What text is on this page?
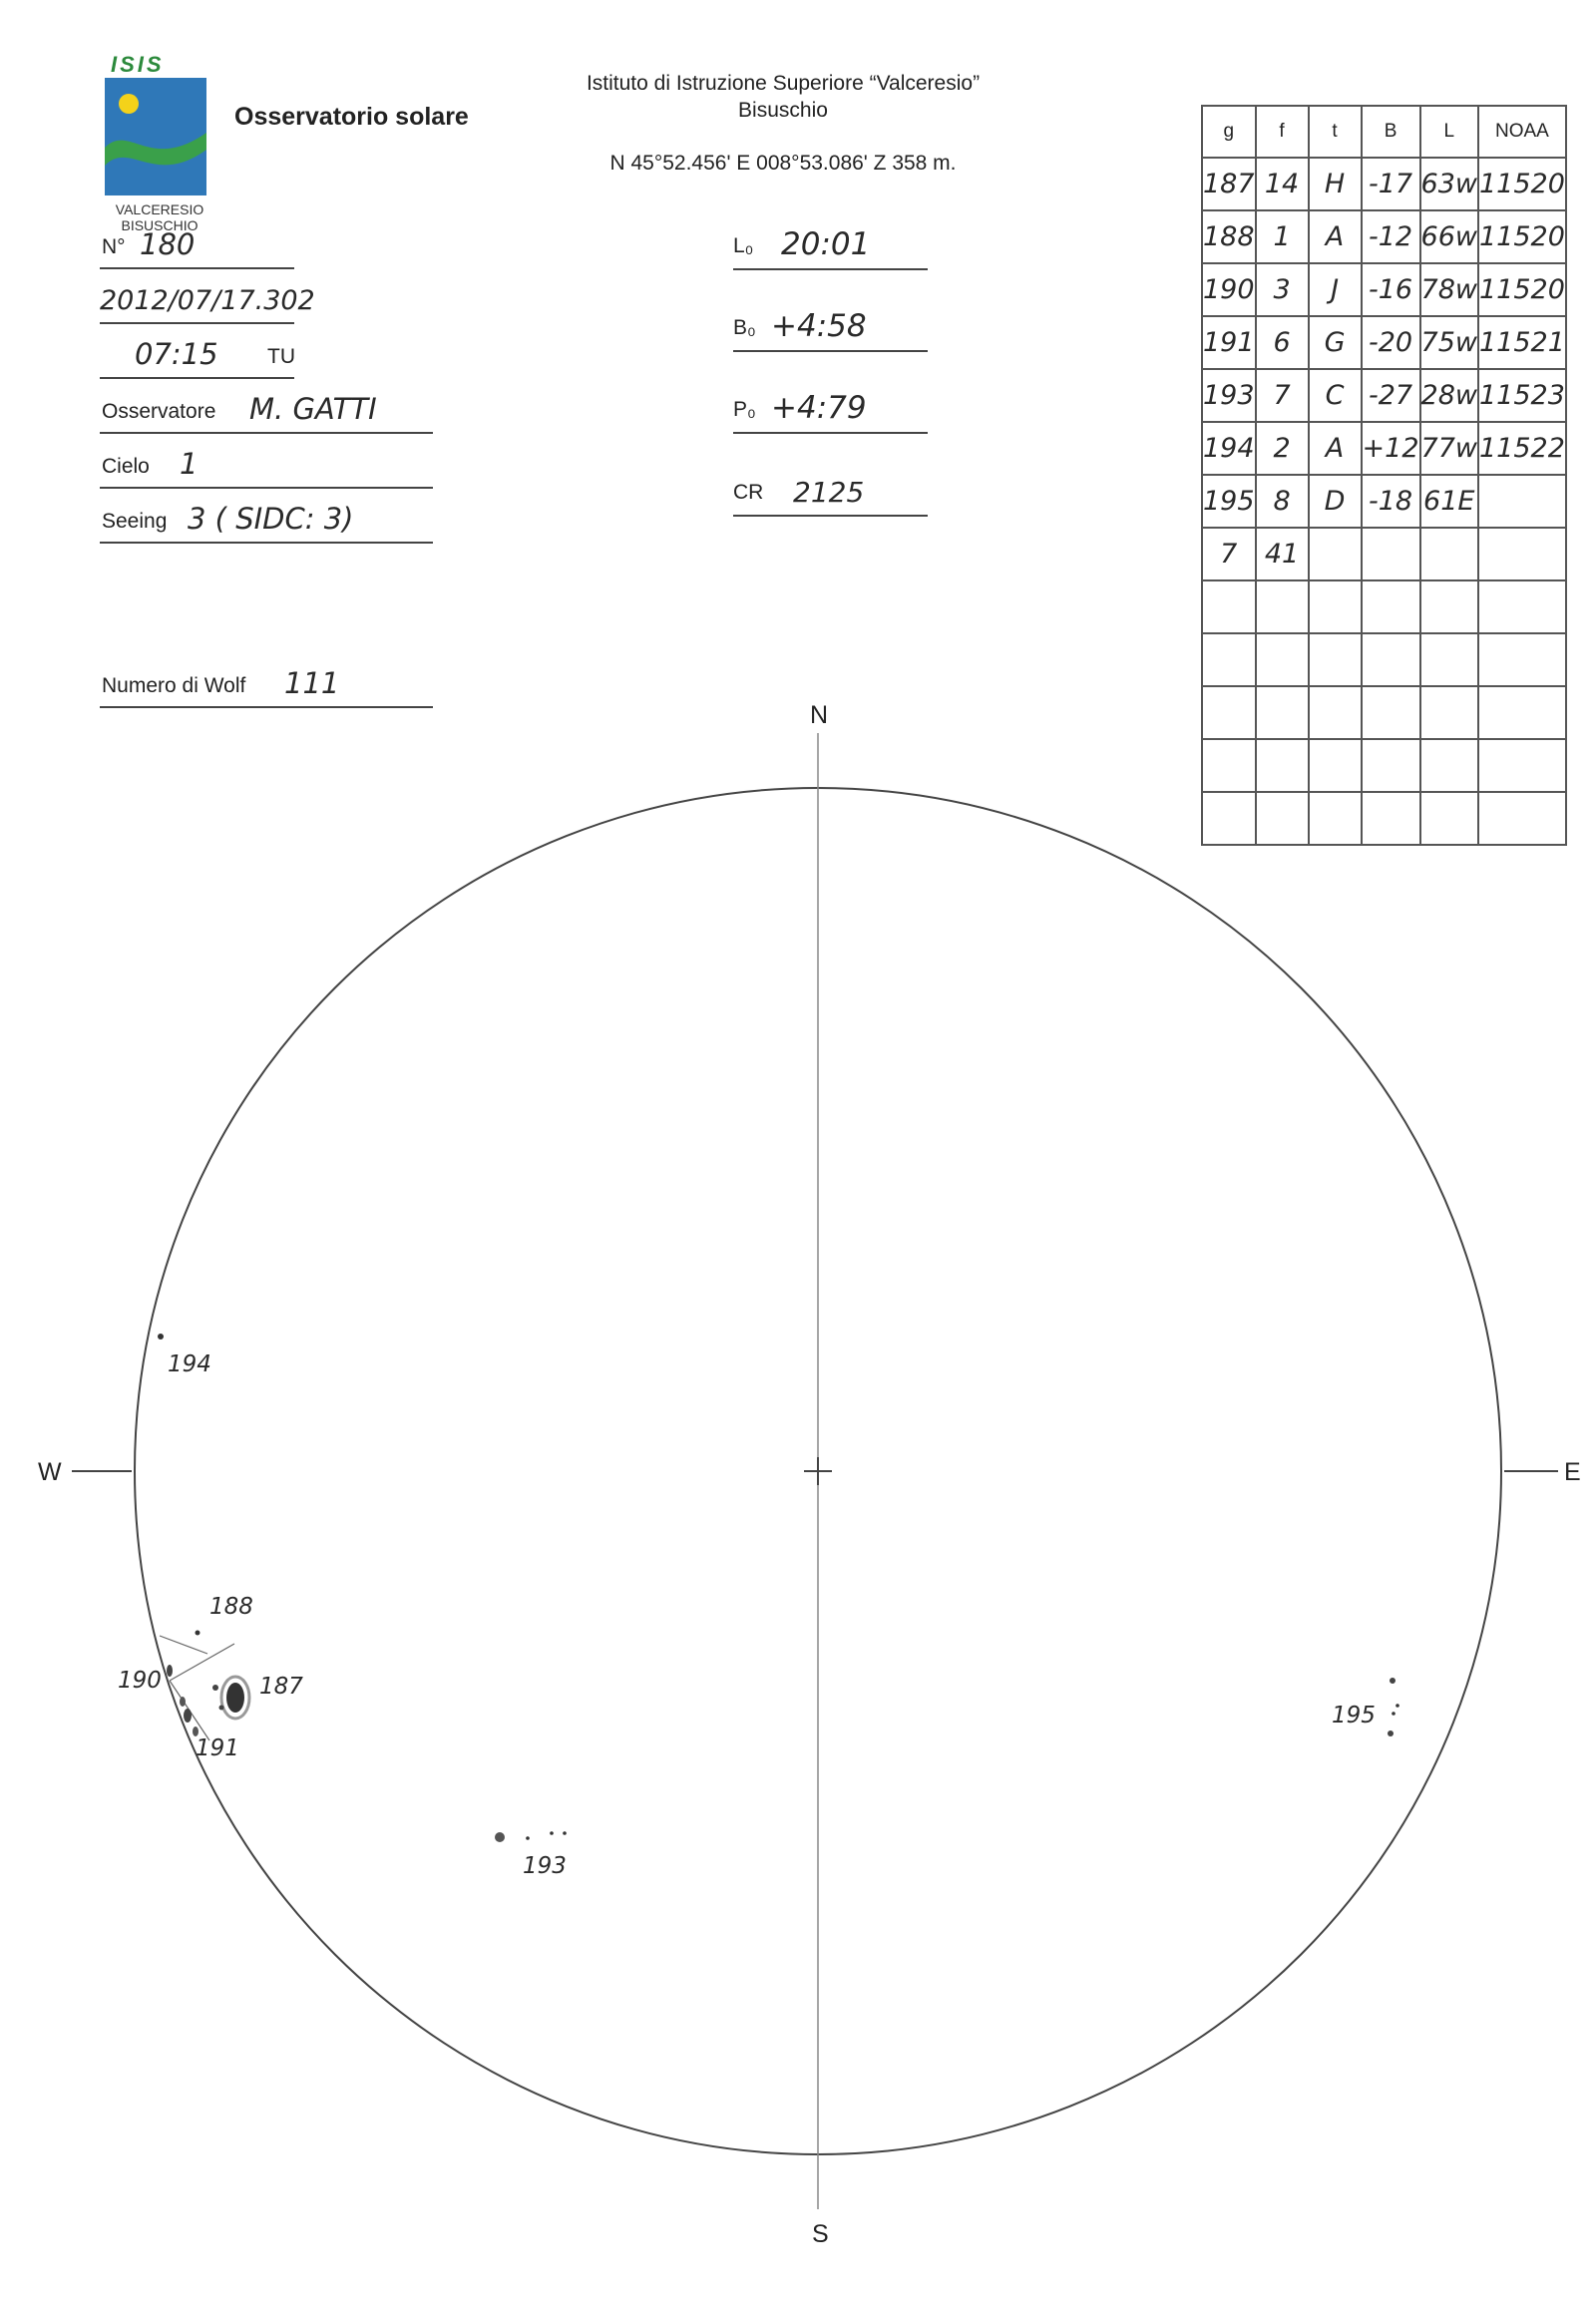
ISIS
VALCERESIO
BISUSCHIO
Osservatorio solare
Istituto di Istruzione Superiore “Valceresio”
Bisuschio
N 45°52.456' E 008°53.086' Z 358 m.
N° 180
2012/07/17.302
07:15 TU
Osservatore M. GATTI
Cielo 1
Seeing 3 ( SIDC: 3)
Numero di Wolf 111
L₀ 20:01
B₀ +4:58
P₀ +4:79
CR 2125
g	f	t	B	L	NOAA
187	14	H	-17	63w	11520
188	1	A	-12	66w	11520
190	3	J	-16	78w	11520
191	6	G	-20	75w	11521
193	7	C	-27	28w	11523
194	2	A	+12	77w	11522
195	8	D	-18	61E	
7	41				

N
S
E
W
194
188
190	187
191
193
195
